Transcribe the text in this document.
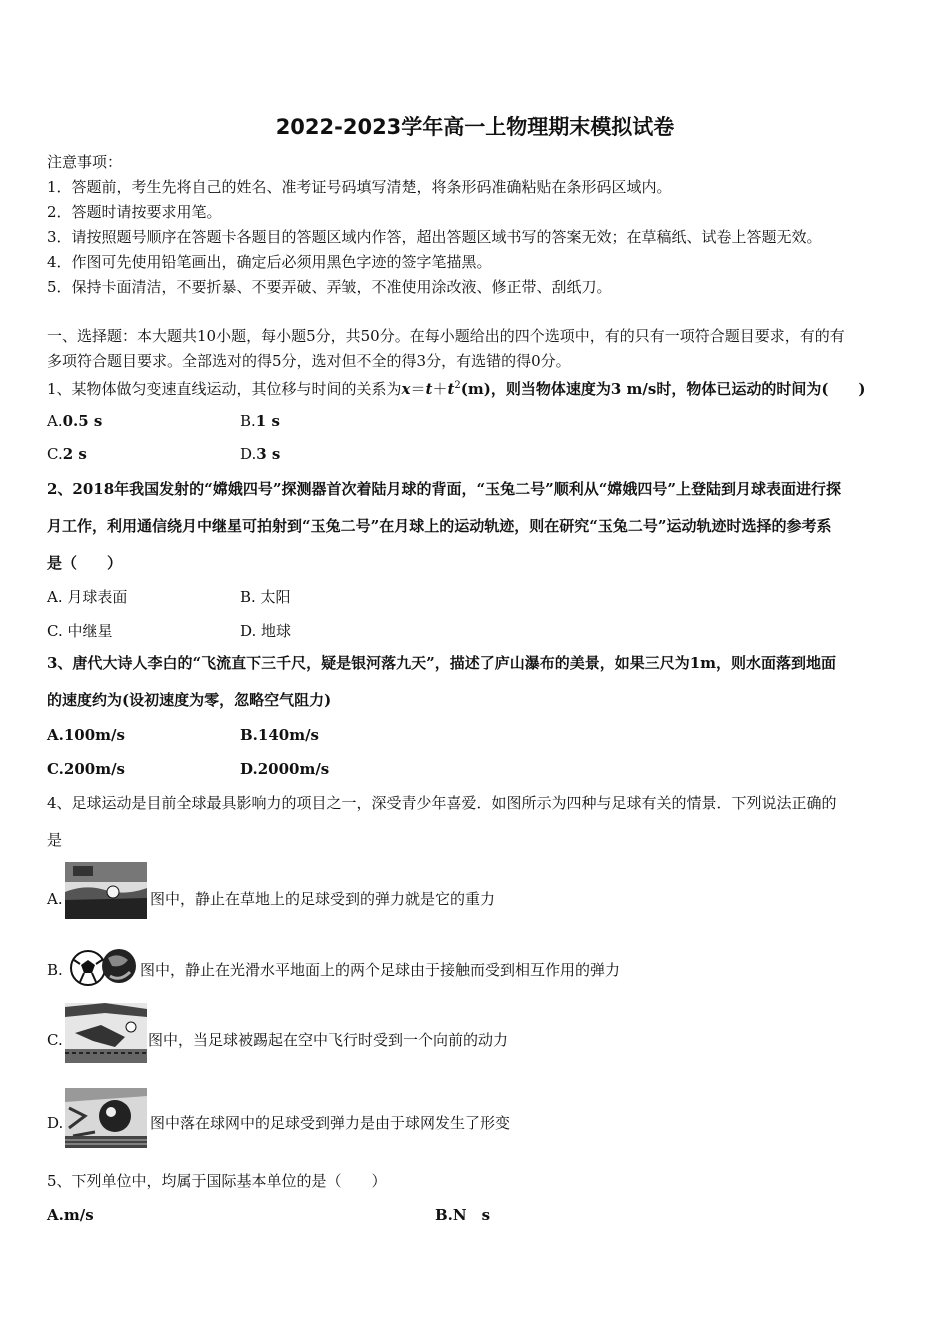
2022-2023学年高一上物理期末模拟试卷
注意事项：
1．答题前，考生先将自己的姓名、准考证号码填写清楚，将条形码准确粘贴在条形码区域内。
2．答题时请按要求用笔。
3．请按照题号顺序在答题卡各题目的答题区域内作答，超出答题区域书写的答案无效；在草稿纸、试卷上答题无效。
4．作图可先使用铅笔画出，确定后必须用黑色字迹的签字笔描黑。
5．保持卡面清洁，不要折暴、不要弄破、弄皱，不准使用涂改液、修正带、刮纸刀。
一、选择题：本大题共10小题，每小题5分，共50分。在每小题给出的四个选项中，有的只有一项符合题目要求，有的有
多项符合题目要求。全部选对的得5分，选对但不全的得3分，有选错的得0分。
1、某物体做匀变速直线运动，其位移与时间的关系为$x=t+t^2(m)$，则当物体速度为3 m/s时，物体已运动的时间为(　　)
A.0.5 s	B.1 s
C.2 s	D.3 s
2、2018年我国发射的“嫦娥四号”探测器首次着陆月球的背面，“玉兔二号”顺利从“嫦娥四号”上登陆到月球表面进行探
月工作，利用通信绕月中继星可拍射到“玉兔二号”在月球上的运动轨迹，则在研究“玉兔二号”运动轨迹时选择的参考系
是（　　）
A. 月球表面	B. 太阳
C. 中继星	D. 地球
3、唐代大诗人李白的“飞流直下三千尺，疑是银河落九天”，描述了庐山瀑布的美景，如果三尺为1m，则水面落到地面
的速度约为(设初速度为零，忽略空气阻力)
A.100m/s	B.140m/s
C.200m/s	D.2000m/s
4、足球运动是目前全球最具影响力的项目之一，深受青少年喜爱．如图所示为四种与足球有关的情景．下列说法正确的
是
A.	图中，静止在草地上的足球受到的弹力就是它的重力
B.	图中，静止在光滑水平地面上的两个足球由于接触而受到相互作用的弹力
C.	图中，当足球被踢起在空中飞行时受到一个向前的动力
D.	图中落在球网中的足球受到弹力是由于球网发生了形变
5、下列单位中，均属于国际基本单位的是（　　）
A.m/s	B.N　s
